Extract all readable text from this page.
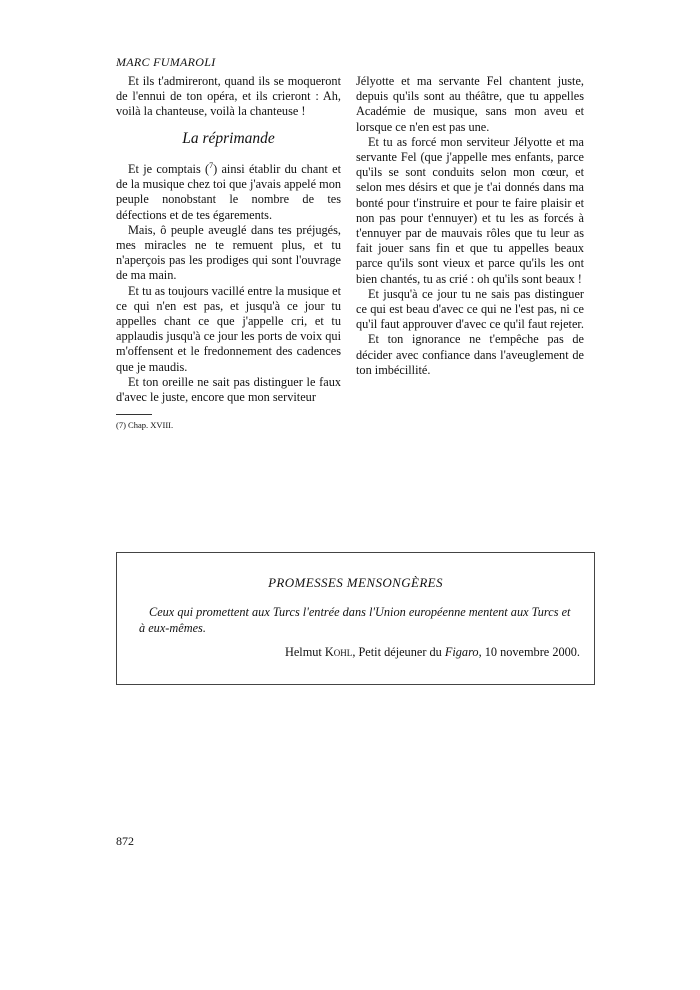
MARC FUMAROLI

Et ils t'admireront, quand ils se moqueront de l'ennui de ton opéra, et ils crieront : Ah, voilà la chanteuse, voilà la chanteuse !

La réprimande

Et je comptais ($^7$) ainsi établir du chant et de la musique chez toi que j'avais appelé mon peuple nonobstant le nombre de tes défections et de tes égarements.

Mais, ô peuple aveuglé dans tes préjugés, mes miracles ne te remuent plus, et tu n'aperçois pas les prodiges qui sont l'ouvrage de ma main.

Et tu as toujours vacillé entre la musique et ce qui n'en est pas, et jusqu'à ce jour tu appelles chant ce que j'appelle cri, et tu applaudis jusqu'à ce jour les ports de voix qui m'offensent et le fredonnement des cadences que je maudis.

Et ton oreille ne sait pas distinguer le faux d'avec le juste, encore que mon serviteur

Jélyotte et ma servante Fel chantent juste, depuis qu'ils sont au théâtre, que tu appelles Académie de musique, sans mon aveu et lorsque ce n'en est pas une.

Et tu as forcé mon serviteur Jélyotte et ma servante Fel (que j'appelle mes enfants, parce qu'ils se sont conduits selon mon cœur, et selon mes désirs et que je t'ai donnés dans ma bonté pour t'instruire et pour te faire plaisir et non pas pour t'ennuyer) et tu les as forcés à t'ennuyer par de mauvais rôles que tu leur as fait jouer sans fin et que tu appelles beaux parce qu'ils sont vieux et parce qu'ils les ont bien chantés, tu as crié : oh qu'ils sont beaux !

Et jusqu'à ce jour tu ne sais pas distinguer ce qui est beau d'avec ce qui ne l'est pas, ni ce qu'il faut approuver d'avec ce qu'il faut rejeter.

Et ton ignorance ne t'empêche pas de décider avec confiance dans l'aveuglement de ton imbécillité.

(7) Chap. XVIII.
PROMESSES MENSONGÈRES
Ceux qui promettent aux Turcs l'entrée dans l'Union européenne mentent aux Turcs et à eux-mêmes.
Helmut Kohl, Petit déjeuner du Figaro, 10 novembre 2000.
872
